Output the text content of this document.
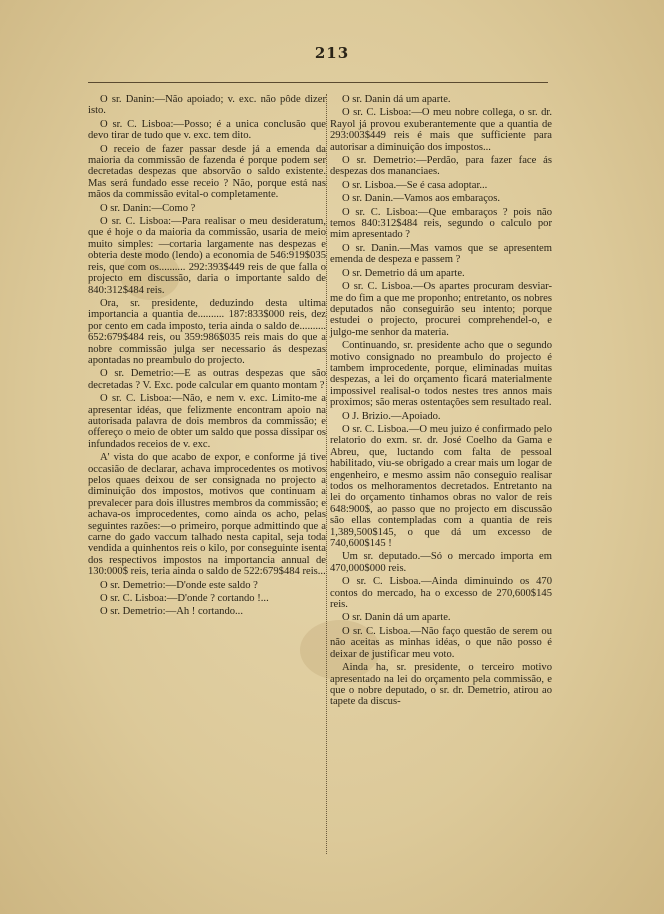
213

O sr. Danin:—Não apoiado; v. exc. não pôde dizer isto.

O sr. C. Lisboa:—Posso; é a unica conclusão que devo tirar de tudo que v. exc. tem dito.

O receio de fazer passar desde já a emenda da maioria da commissão de fazenda é porque podem ser decretadas despezas que absorvão o saldo existente. Mas será fundado esse receio ? Não, porque está nas mãos da commissão evital-o completamente.

O sr. Danin:—Como ?

O sr. C. Lisboa:—Para realisar o meu desideratum, que é hoje o da maioria da commissão, usaria de meio muito simples: —cortaria largamente nas despezas e obteria deste modo (lendo) a economia de 546:919$035 reis, que com os.......... 292:393$449 reis de que falla o projecto em discussão, daria o importante saldo de 840:312$484 reis.

Ora, sr. presidente, deduzindo desta ultima importancia a quantia de.......... 187:833$000 reis, dez por cento em cada imposto, teria ainda o saldo de.......... 652:679$484 reis, ou 359:986$035 reis mais do que a nobre commissão julga ser necessario ás despezas apontadas no preambulo do projecto.

O sr. Demetrio:—E as outras despezas que são decretadas ? V. Exc. pode calcular em quanto montam ?

O sr. C. Lisboa:—Não, e nem v. exc. Limito-me a apresentar idéas, que felizmente encontram apoio na autorisada palavra de dois membros da commissão; e offereço o meio de obter um saldo que possa dissipar os infundados receios de v. exc.

A' vista do que acabo de expor, e conforme já tive occasião de declarar, achava improcedentes os motivos pelos quaes deixou de ser consignada no projecto a diminuição dos impostos, motivos que continuam a prevalecer para dois illustres membros da commissão; e achava-os improcedentes, como ainda os acho, pelas seguintes razões:—o primeiro, porque admittindo que a carne do gado vaccum talhado nesta capital, seja toda vendida a quinhentos reis o kilo, por conseguinte isenta dos respectivos impostos na importancia annual de 130:000$ reis, teria ainda o saldo de 522:679$484 reis...

O sr. Demetrio:—D'onde este saldo ?

O sr. C. Lisboa:—D'onde ? cortando !...

O sr. Demetrio:—Ah ! cortando...

O sr. Danin dá um aparte.

O sr. C. Lisboa:—O meu nobre collega, o sr. dr. Rayol já provou exuberantemente que a quantia de 293:003$449 reis é mais que sufficiente para autorisar a diminuição dos impostos...

O sr. Demetrio:—Perdão, para fazer face ás despezas dos mananciaes.

O sr. Lisboa.—Se é casa adoptar...

O sr. Danin.—Vamos aos embaraços.

O sr. C. Lisboa:—Que embaraços ? pois não temos 840:312$484 reis, segundo o calculo por mim apresentado ?

O sr. Danin.—Mas vamos que se apresentem emenda de despeza e passem ?

O sr. Demetrio dá um aparte.

O sr. C. Lisboa.—Os apartes procuram desviar-me do fim a que me proponho; entretanto, os nobres deputados não conseguirão seu intento; porque estudei o projecto, procurei comprehendel-o, e julgo-me senhor da materia.

Continuando, sr. presidente acho que o segundo motivo consignado no preambulo do projecto é tambem improcedente, porque, eliminadas muitas despezas, a lei do orçamento ficará materialmente impossivel realisal-o todos nestes tres annos mais proximos; são meras ostentações sem resultado real.

O J. Brizio.—Apoiado.

O sr. C. Lisboa.—O meu juizo é confirmado pelo relatorio do exm. sr. dr. José Coelho da Gama e Abreu, que, luctando com falta de pessoal habilitado, viu-se obrigado a crear mais um logar de engenheiro, e mesmo assim não conseguio realisar todos os melhoramentos decretados. Entretanto na lei do orçamento tinhamos obras no valor de reis 648:900$, ao passo que no projecto em discussão são ellas contempladas com a quantia de reis 1,389,500$145, o que dá um excesso de 740,600$145 !

Um sr. deputado.—Só o mercado importa em 470,000$000 reis.

O sr. C. Lisboa.—Ainda diminuindo os 470 contos do mercado, ha o excesso de 270,600$145 reis.

O sr. Danin dá um aparte.

O sr. C. Lisboa.—Não faço questão de serem ou não aceitas as minhas idéas, o que não posso é deixar de justificar meu voto.

Ainda ha, sr. presidente, o terceiro motivo apresentado na lei do orçamento pela commissão, e que o nobre deputado, o sr. dr. Demetrio, atirou ao tapete da discus-
